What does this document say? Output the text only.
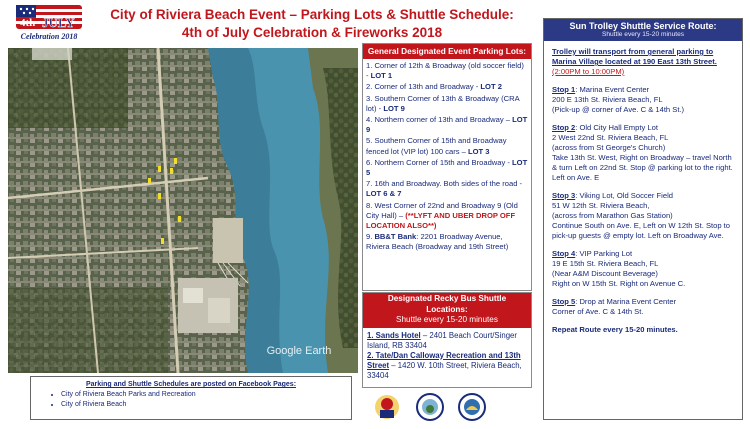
4th JULY
Celebration 2018
City of Riviera Beach Event – Parking Lots & Shuttle Schedule:
4th of July Celebration & Fireworks 2018
Google Earth
Parking and Shuttle Schedules are posted on Facebook Pages:
• City of Riviera Beach Parks and Recreation
• City of Riviera Beach
General Designated Event Parking Lots:
1. Corner of 12th & Broadway (old soccer field) - LOT 1
2. Corner of 13th and Broadway - LOT 2
3. Southern Corner of 13th & Broadway (CRA lot) - LOT 9
4. Northern corner of 13th and Broadway – LOT 9
5. Southern Corner of 15th and Broadway fenced lot (VIP lot) 100 cars – LOT 3
6. Northern Corner of 15th and Broadway - LOT 5
7. 16th and Broadway. Both sides of the road - LOT 6 & 7
8. West Corner of 22nd and Broadway 9 (Old City Hall) – (**LYFT AND UBER DROP OFF LOCATION ALSO**)
9. BB&T Bank: 2201 Broadway Avenue, Riviera Beach (Broadway and 19th Street)
Designated Recky Bus Shuttle Locations:
Shuttle every 15-20 minutes
1. Sands Hotel – 2401 Beach Court/Singer Island, RB 33404
2. Tate/Dan Calloway Recreation and 13th Street – 1420 W. 10th Street, Riviera Beach, 33404
Sun Trolley Shuttle Service Route:
Shuttle every 15-20 minutes
Trolley will transport from general parking to Marina Village located at 190 East 13th Street. (2:00PM to 10:00PM)
Stop 1: Marina Event Center
200 E 13th St. Riviera Beach, FL
(Pick-up @ corner of Ave. C & 14th St.)
Stop 2: Old City Hall Empty Lot
2 West 22nd St. Riviera Beach, FL
(across from St George's Church)
Take 13th St. West, Right on Broadway – travel North & turn Left on 22nd St. Stop @ parking lot to the right. Left on Ave. E
Stop 3: Viking Lot, Old Soccer Field
51 W 12th St. Riviera Beach,
(across from Marathon Gas Station)
Continue South on Ave. E, Left on W 12th St. Stop to pick-up guests @ empty lot. Left on Broadway Ave.
Stop 4: VIP Parking Lot
19 E 15th St. Riviera Beach, FL
(Near A&M Discount Beverage)
Right on W 15th St. Right on Avenue C.
Stop 5: Drop at Marina Event Center
Corner of Ave. C & 14th St.
Repeat Route every 15-20 minutes.
